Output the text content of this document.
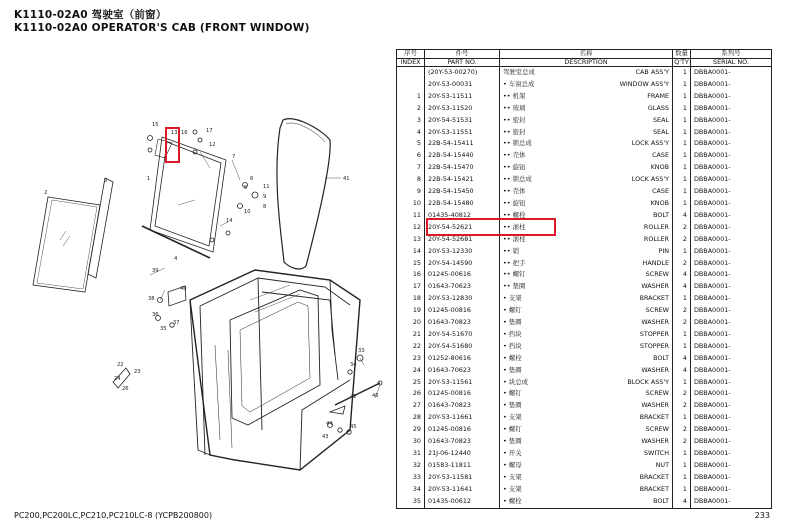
K1110-02A0 驾驶室（前窗）
K1110-02A0 OPERATOR'S CAB (FRONT WINDOW)
13 16
15
17
12
7
6
5	11
9
8
10
14
41
1
3
2
4
39
40
38
36
37
35
33
34
22
24
23
26
42	46
44
43
45
序号	件号	名称	数量	系列号
INDEX	PART NO.	DESCRIPTION	Q'TY	SERIAL NO.
	(20Y-53-00270)	驾驶室总成 CAB ASS'Y	1	DBBA0001-
	20Y-53-00031	• 车窗总成 WINDOW ASS'Y	1	DBBA0001-
1	20Y-53-11511	•• 机架 FRAME	1	DBBA0001-
2	20Y-53-11520	•• 玻璃 GLASS	1	DBBA0001-
3	20Y-54-51531	•• 密封 SEAL	1	DBBA0001-
4	20Y-53-11551	•• 密封 SEAL	1	DBBA0001-
5	22B-54-15411	•• 锁总成 LOCK ASS'Y	1	DBBA0001-
6	22B-54-15440	•• 壳体 CASE	1	DBBA0001-
7	22B-54-15470	•• 旋钮 KNOB	1	DBBA0001-
8	22B-54-15421	•• 锁总成 LOCK ASS'Y	1	DBBA0001-
9	22B-54-15450	•• 壳体 CASE	1	DBBA0001-
10	22B-54-15480	•• 旋钮 KNOB	1	DBBA0001-
11	01435-40812	•• 螺栓 BOLT	4	DBBA0001-
12	20Y-54-52621	•• 滚柱 ROLLER	2	DBBA0001-
13	20Y-54-52681	•• 滚柱 ROLLER	2	DBBA0001-
14	20Y-53-12330	•• 销 PIN	1	DBBA0001-
15	20Y-54-14590	•• 把手 HANDLE	2	DBBA0001-
16	01245-00616	•• 螺钉 SCREW	4	DBBA0001-
17	01643-70623	•• 垫圈 WASHER	4	DBBA0001-
18	20Y-53-12830	• 支架 BRACKET	1	DBBA0001-
19	01245-00816	• 螺钉 SCREW	2	DBBA0001-
20	01643-70823	• 垫圈 WASHER	2	DBBA0001-
21	20Y-54-51670	• 挡块 STOPPER	1	DBBA0001-
22	20Y-54-51680	• 挡块 STOPPER	1	DBBA0001-
23	01252-80616	• 螺栓 BOLT	4	DBBA0001-
24	01643-70623	• 垫圈 WASHER	4	DBBA0001-
25	20Y-53-11561	• 块总成 BLOCK ASS'Y	1	DBBA0001-
26	01245-00816	• 螺钉 SCREW	2	DBBA0001-
27	01643-70823	• 垫圈 WASHER	2	DBBA0001-
28	20Y-53-11661	• 支架 BRACKET	1	DBBA0001-
29	01245-00816	• 螺钉 SCREW	2	DBBA0001-
30	01643-70823	• 垫圈 WASHER	2	DBBA0001-
31	21J-06-12440	• 开关 SWITCH	1	DBBA0001-
32	01583-11811	• 螺母 NUT	1	DBBA0001-
33	20Y-53-11581	• 支架 BRACKET	1	DBBA0001-
34	20Y-53-11641	• 支架 BRACKET	1	DBBA0001-
35	01435-00612	• 螺栓 BOLT	4	DBBA0001-
PC200,PC200LC,PC210,PC210LC-8 (YCPB200800)	233
